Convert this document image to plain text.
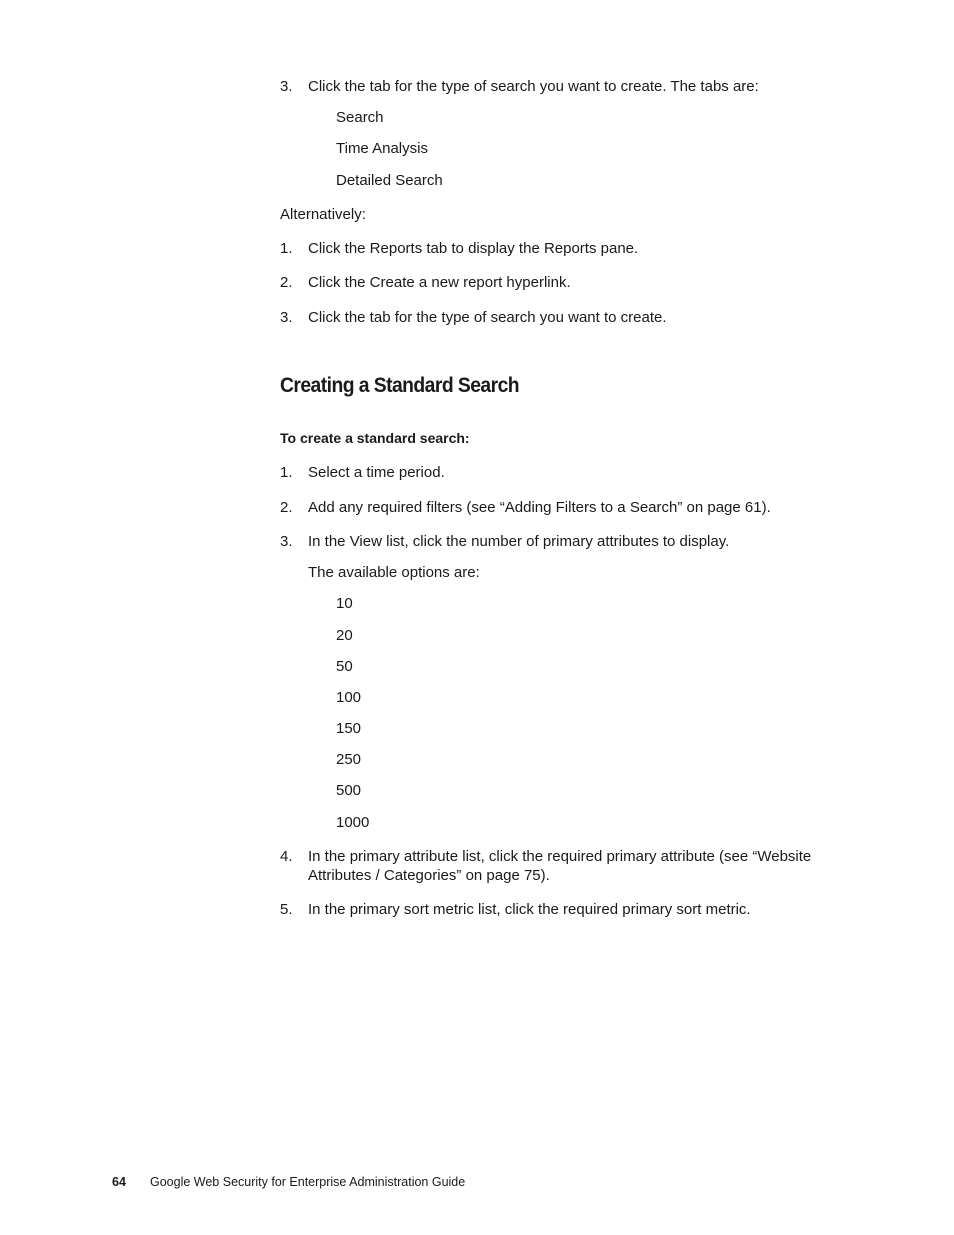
3. Click the tab for the type of search you want to create. The tabs are:

Search

Time Analysis

Detailed Search

Alternatively:

1. Click the Reports tab to display the Reports pane.
2. Click the Create a new report hyperlink.
3. Click the tab for the type of search you want to create.
Creating a Standard Search

To create a standard search:

1. Select a time period.
2. Add any required filters (see “Adding Filters to a Search” on page 61).
3. In the View list, click the number of primary attributes to display.

The available options are:

10

20

50

100

150

250

500

1000

4. In the primary attribute list, click the required primary attribute (see “Website Attributes / Categories” on page 75).
5. In the primary sort metric list, click the required primary sort metric.
64 Google Web Security for Enterprise Administration Guide
